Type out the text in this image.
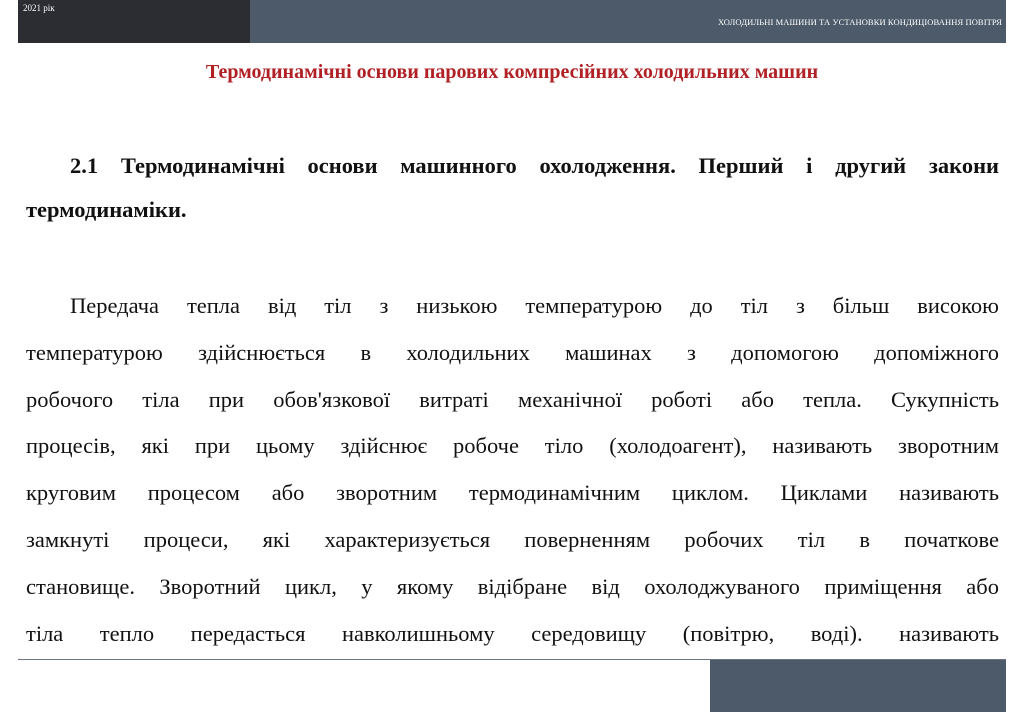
2021 рік
ХОЛОДИЛЬНІ МАШИНИ ТА УСТАНОВКИ КОНДИЦІОВАННЯ ПОВІТРЯ
Термодинамічні основи парових компресійних холодильних машин

2.1 Термодинамічні основи машинного охолодження. Перший і другий закони термодинаміки.

Передача тепла від тіл з низькою температурою до тіл з більш високою
температурою здійснюється в холодильних машинах з допомогою допоміжного
робочого тіла при обов'язкової витраті механічної роботі або тепла. Сукупність
процесів, які при цьому здійснює робоче тіло (холодоагент), називають зворотним
круговим процесом або зворотним термодинамічним циклом. Циклами називають
замкнуті процеси, які характеризується поверненням робочих тіл в початкове
становище. Зворотний цикл, у якому відібране від охолоджуваного приміщення або
тіла тепло передасться навколишньому середовищу (повітрю, воді). називають
